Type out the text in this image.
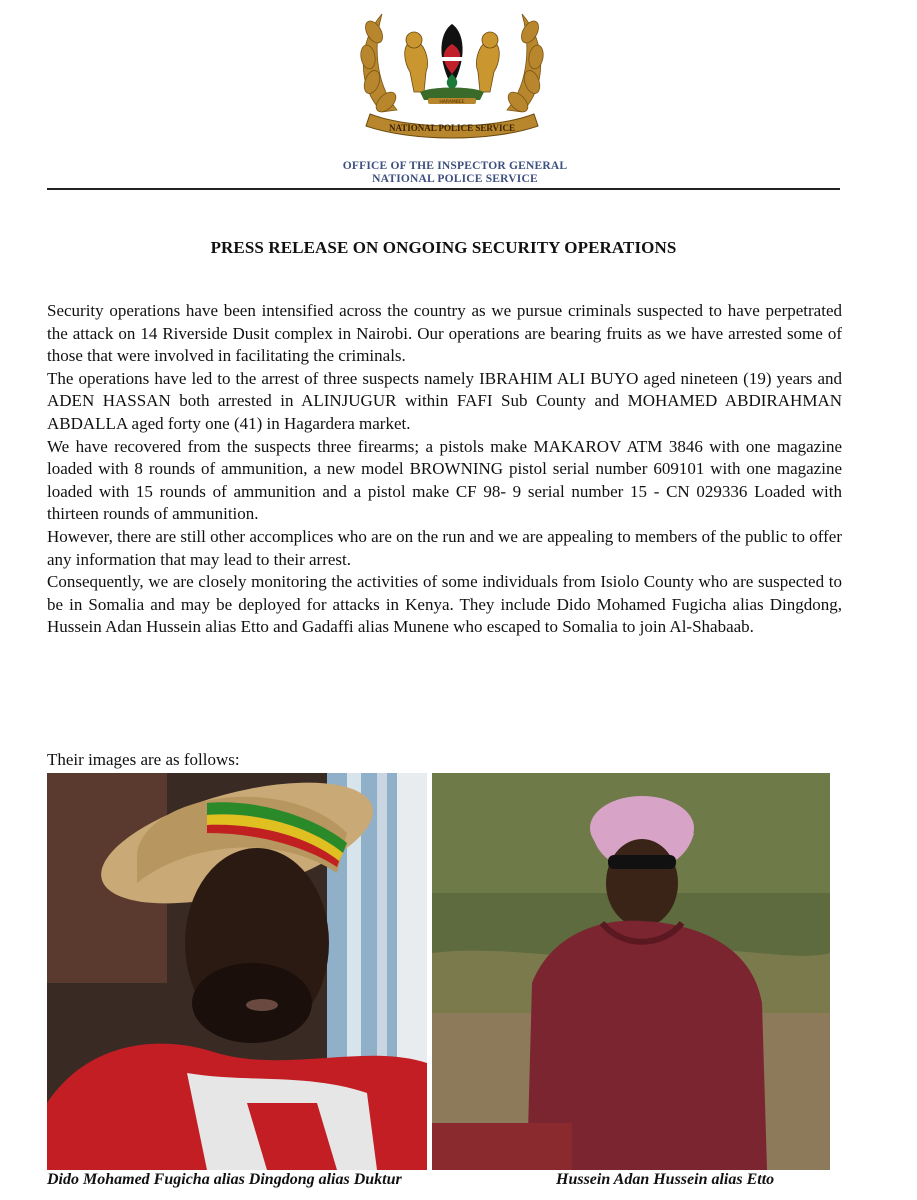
HARAMBEE
NATIONAL POLICE SERVICE
OFFICE OF THE INSPECTOR GENERAL
NATIONAL POLICE SERVICE
PRESS RELEASE ON ONGOING SECURITY OPERATIONS

Security operations have been intensified across the country as we pursue criminals suspected to have perpetrated the attack on 14 Riverside Dusit complex in Nairobi. Our operations are bearing fruits as we have arrested some of those that were involved in facilitating the criminals.

The operations have led to the arrest of three suspects namely IBRAHIM ALI BUYO aged nineteen (19) years and ADEN HASSAN both arrested in ALINJUGUR within FAFI Sub County and MOHAMED ABDIRAHMAN ABDALLA aged forty one (41) in Hagardera market.

We have recovered from the suspects three firearms; a pistols make MAKAROV ATM 3846 with one magazine loaded with 8 rounds of ammunition, a new model BROWNING pistol serial number 609101 with one magazine loaded with 15 rounds of ammunition and a pistol make CF 98- 9 serial number 15 - CN 029336 Loaded with thirteen rounds of ammunition.

However, there are still other accomplices who are on the run and we are appealing to members of the public to offer any information that may lead to their arrest.

Consequently, we are closely monitoring the activities of some individuals from Isiolo County who are suspected to be in Somalia and may be deployed for attacks in Kenya. They include Dido Mohamed Fugicha alias Dingdong, Hussein Adan Hussein alias Etto and Gadaffi alias Munene who escaped to Somalia to join Al-Shabaab.

Their images are as follows:
Dido Mohamed Fugicha alias Dingdong alias Duktur	Hussein Adan Hussein alias Etto
